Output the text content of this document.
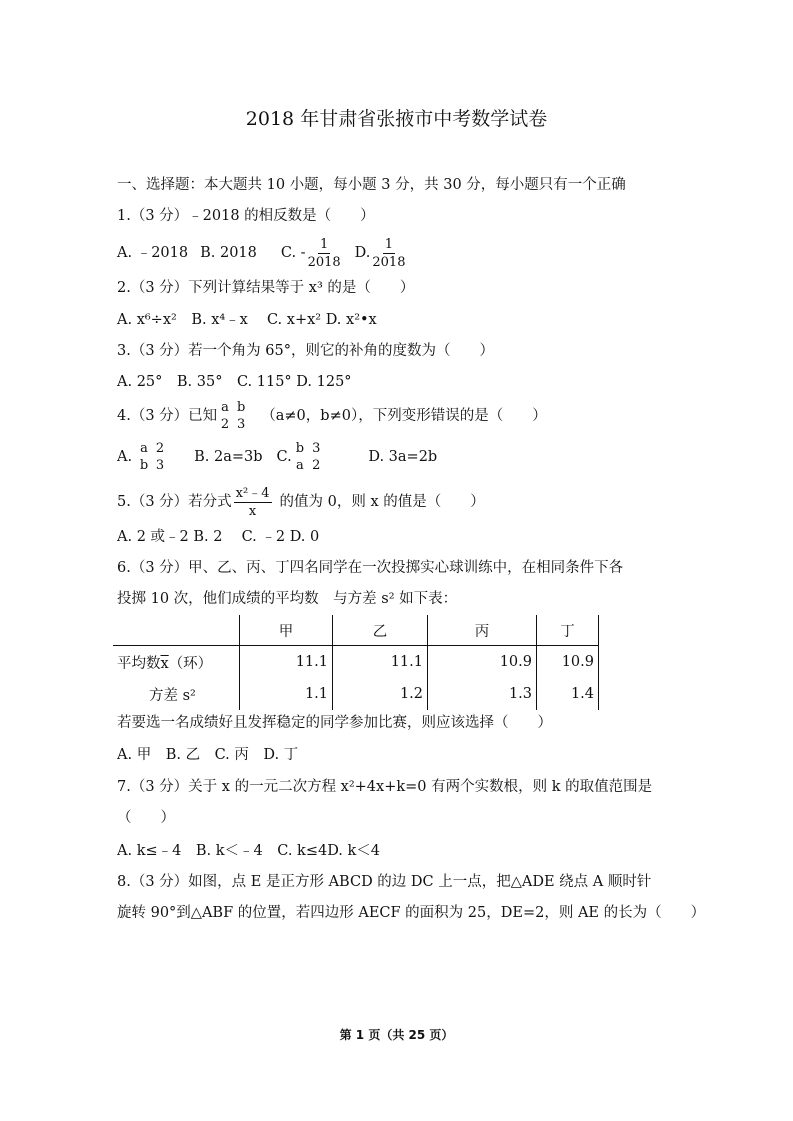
2018 年甘肃省张掖市中考数学试卷
一、选择题：本大题共 10 小题，每小题 3 分，共 30 分，每小题只有一个正确
1.（3 分）﹣2018 的相反数是（　　）
A. ﹣2018 B. 2018 C. - $\frac{1}{2018} D$. $\frac{1}{2018}$
2.（3 分）下列计算结果等于 x³ 的是（　　）
A. x⁶÷x²　B. x⁴﹣x　 C. x+x² D. x²•x
3.（3 分）若一个角为 65°，则它的补角的度数为（　　）
A. 25°　B. 35°　C. 115° D. 125°
4.（3 分）已知
a
2
b
3
（a≠0，b≠0），下列变形错误的是（　　）
A.
a
b
2
3
B. 2a=3b C.
b
a
3
2
D. 3a=2b
5.（3 分）若分式 $\frac{\text{x²﹣4}}{x}$ 的值为 0，则 x 的值是（　　）
A. 2 或﹣2 B. 2　 C. ﹣2 D. 0
6.（3 分）甲、乙、丙、丁四名同学在一次投掷实心球训练中，在相同条件下各
投掷 10 次，他们成绩的平均数　与方差 s² 如下表：
	甲	乙	丙	丁
平均数$\overline{x}$（环）	11.1	11.1	10.9	10.9
方差 s²	1.1	1.2	1.3	1.4
若要选一名成绩好且发挥稳定的同学参加比赛，则应该选择（　　）
A. 甲　B. 乙　C. 丙　D. 丁
7.（3 分）关于 x 的一元二次方程 x²+4x+k=0 有两个实数根，则 k 的取值范围是
（　　）
A. k≤﹣4　B. k＜﹣4　C. k≤4D. k＜4
8.（3 分）如图，点 E 是正方形 ABCD 的边 DC 上一点，把△ADE 绕点 A 顺时针
旋转 90°到△ABF 的位置，若四边形 AECF 的面积为 25，DE=2，则 AE 的长为（　　）
第 1 页（共 25 页）
